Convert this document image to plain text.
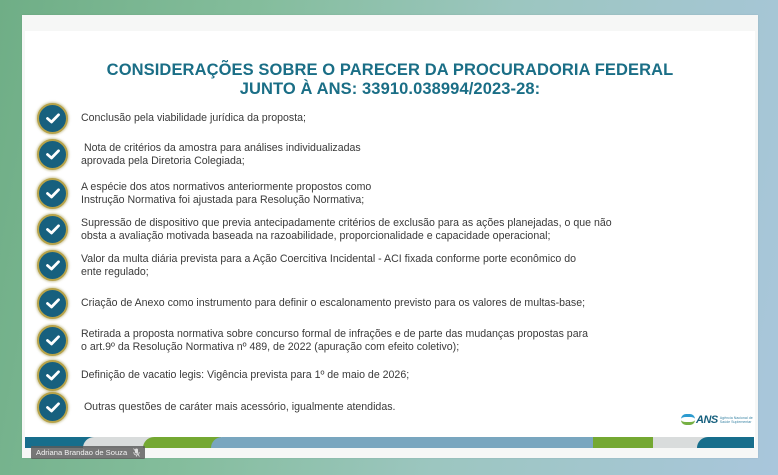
CONSIDERAÇÕES SOBRE O PARECER DA PROCURADORIA FEDERAL
JUNTO À ANS: 33910.038994/2023-28:
Conclusão pela viabilidade jurídica da proposta;
Nota de critérios da amostra para análises individualizadas
aprovada pela Diretoria Colegiada;
A espécie dos atos normativos anteriormente propostos como
Instrução Normativa foi ajustada para Resolução Normativa;
Supressão de dispositivo que previa antecipadamente critérios de exclusão para as ações planejadas, o que não
obsta a avaliação motivada baseada na razoabilidade, proporcionalidade e capacidade operacional;
Valor da multa diária prevista para a Ação Coercitiva Incidental - ACI fixada conforme porte econômico do
ente regulado;
Criação de Anexo como instrumento para definir o escalonamento previsto para os valores de multas-base;
Retirada a proposta normativa sobre concurso formal de infrações e de parte das mudanças propostas para
o art.9º da Resolução Normativa nº 489, de 2022 (apuração com efeito coletivo);
Definição de vacatio legis: Vigência prevista para 1º de maio de 2026;
Outras questões de caráter mais acessório, igualmente atendidas.
ANS Agência Nacional de
Saúde Suplementar
Adriana Brandao de Souza
